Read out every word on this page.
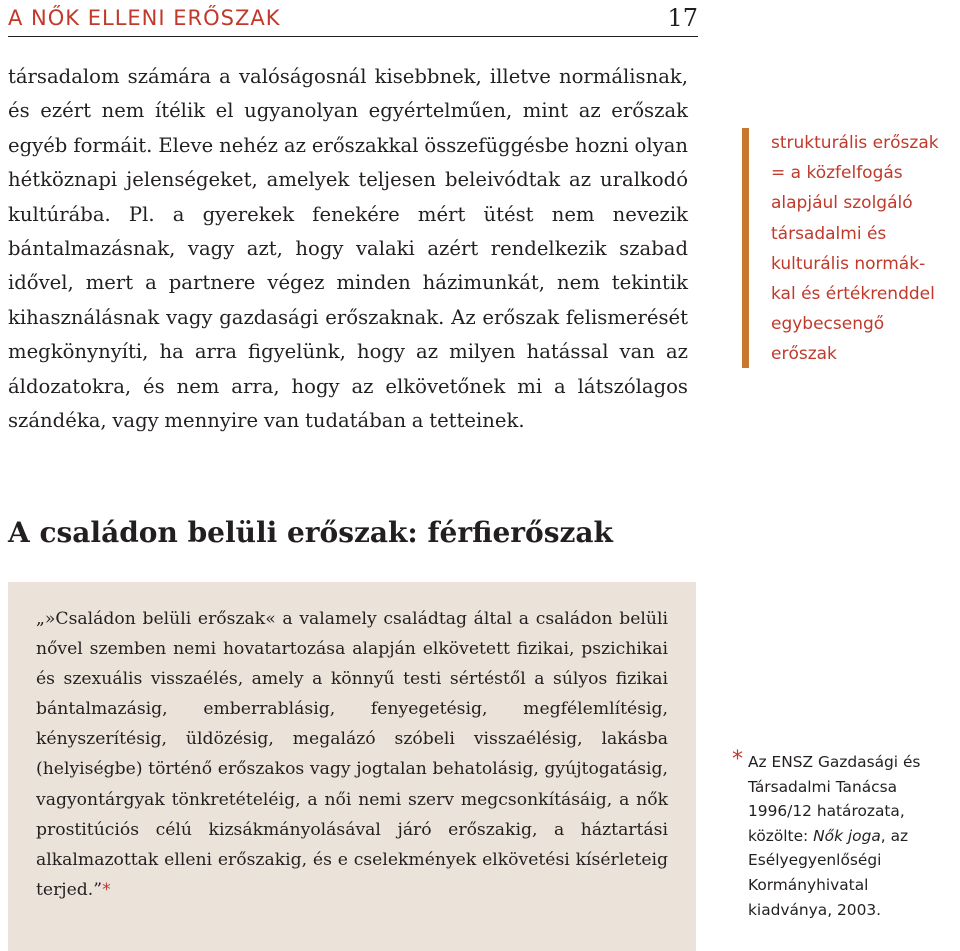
A NŐK ELLENI ERŐSZAK	17

társadalom számára a valóságosnál kisebbnek, illetve normálisnak, és ezért nem ítélik el ugyanolyan egyértelműen, mint az erőszak egyéb formáit. Eleve nehéz az erőszakkal összefüggésbe hozni olyan hétköznapi jelenségeket, amelyek teljesen beleivódtak az uralkodó kultúrába. Pl. a gyerekek fenekére mért ütést nem nevezik bántalmazásnak, vagy azt, hogy valaki azért rendelkezik szabad idővel, mert a partnere végez minden házimunkát, nem tekintik kihasználásnak vagy gazdasági erőszaknak. Az erőszak felismerését megkönynyíti, ha arra figyelünk, hogy az milyen hatással van az áldozatokra, és nem arra, hogy az elkövetőnek mi a látszólagos szándéka, vagy mennyire van tudatában a tetteinek.

strukturális erőszak = a közfelfogás alapjául szolgáló társadalmi és kulturális normákkal és értékrenddel egybecsengő erőszak
A családon belüli erőszak: férfierőszak

„»Családon belüli erőszak« a valamely családtag által a családon belüli nővel szemben nemi hovatartozása alapján elkövetett fizikai, pszichikai és szexuális visszaélés, amely a könnyű testi sértéstől a súlyos fizikai bántalmazásig, emberrablásig, fenyegetésig, megfélemlítésig, kényszerítésig, üldözésig, megalázó szóbeli visszaélésig, lakásba (helyiségbe) történő erőszakos vagy jogtalan behatolásig, gyújtogatásig, vagyontárgyak tönkretételéig, a női nemi szerv megcsonkításáig, a nők prostitúciós célú kizsákmányolásával járó erőszakig, a háztartási alkalmazottak elleni erőszakig, és e cselekmények elkövetési kísérleteig terjed.”*

* Az ENSZ Gazdasági és Társadalmi Tanácsa 1996/12 határozata, közölte: Nők joga, az Esélyegyenlőségi Kormányhivatal kiadványa, 2003.
